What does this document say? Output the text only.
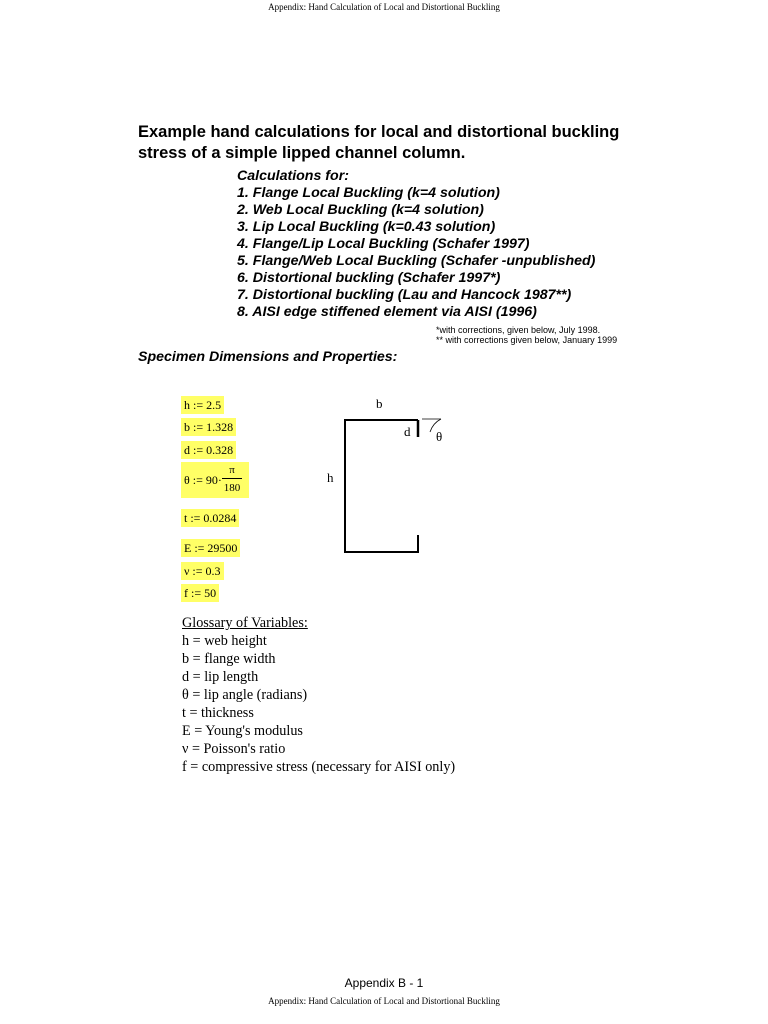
Appendix: Hand Calculation of Local and Distortional Buckling
Example hand calculations for local and distortional buckling stress of a simple lipped channel column.
Calculations for:
1. Flange Local Buckling (k=4 solution)
2. Web Local Buckling (k=4 solution)
3. Lip Local Buckling (k=0.43 solution)
4. Flange/Lip Local Buckling (Schafer 1997)
5. Flange/Web Local Buckling (Schafer -unpublished)
6. Distortional buckling (Schafer 1997*)
7. Distortional buckling (Lau and Hancock 1987**)
8. AISI edge stiffened element via AISI (1996)
*with corrections, given below, July 1998.
** with corrections given below, January 1999
Specimen Dimensions and Properties:
h := 2.5
b := 1.328
d := 0.328
θ := $90\cdot \frac{\pi}{180}$
t := 0.0284
E := 29500
ν := 0.3
f := 50
b
h
d θ
Glossary of Variables:
h = web height
b = flange width
d = lip length
θ = lip angle (radians)
t = thickness
E = Young's modulus
ν = Poisson's ratio
f = compressive stress (necessary for AISI only)
Appendix B - 1
Appendix: Hand Calculation of Local and Distortional Buckling
